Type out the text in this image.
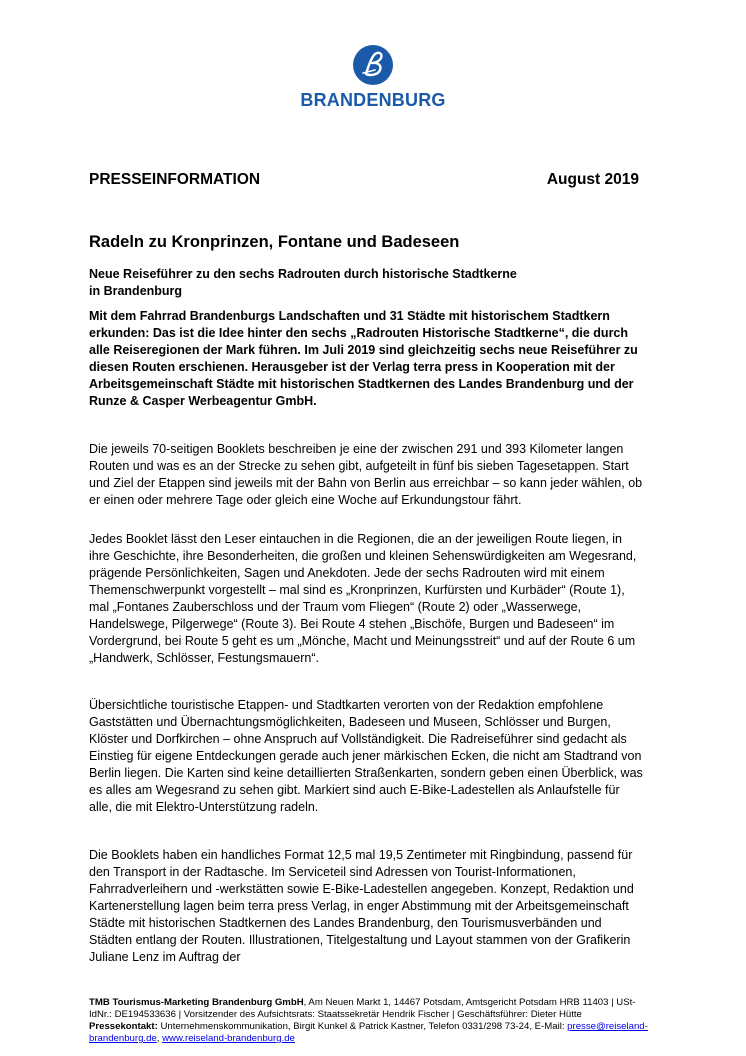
BRANDENBURG
PRESSEINFORMATION	August 2019
Radeln zu Kronprinzen, Fontane und Badeseen
Neue Reiseführer zu den sechs Radrouten durch historische Stadtkerne in Brandenburg
Mit dem Fahrrad Brandenburgs Landschaften und 31 Städte mit historischem Stadtkern erkunden: Das ist die Idee hinter den sechs „Radrouten Historische Stadtkerne“, die durch alle Reiseregionen der Mark führen. Im Juli 2019 sind gleichzeitig sechs neue Reiseführer zu diesen Routen erschienen. Herausgeber ist der Verlag terra press in Kooperation mit der Arbeitsgemeinschaft Städte mit historischen Stadtkernen des Landes Brandenburg und der Runze & Casper Werbeagentur GmbH.

Die jeweils 70-seitigen Booklets beschreiben je eine der zwischen 291 und 393 Kilometer langen Routen und was es an der Strecke zu sehen gibt, aufgeteilt in fünf bis sieben Tagesetappen. Start und Ziel der Etappen sind jeweils mit der Bahn von Berlin aus erreichbar – so kann jeder wählen, ob er einen oder mehrere Tage oder gleich eine Woche auf Erkundungstour fährt.

Jedes Booklet lässt den Leser eintauchen in die Regionen, die an der jeweiligen Route liegen, in ihre Geschichte, ihre Besonderheiten, die großen und kleinen Sehenswürdigkeiten am Wegesrand, prägende Persönlichkeiten, Sagen und Anekdoten. Jede der sechs Radrouten wird mit einem Themenschwerpunkt vorgestellt – mal sind es „Kronprinzen, Kurfürsten und Kurbäder“ (Route 1), mal „Fontanes Zauberschloss und der Traum vom Fliegen“ (Route 2) oder „Wasserwege, Handelswege, Pilgerwege“ (Route 3). Bei Route 4 stehen „Bischöfe, Burgen und Badeseen“ im Vordergrund, bei Route 5 geht es um „Mönche, Macht und Meinungsstreit“ und auf der Route 6 um „Handwerk, Schlösser, Festungsmauern“.

Übersichtliche touristische Etappen- und Stadtkarten verorten von der Redaktion empfohlene Gaststätten und Übernachtungsmöglichkeiten, Badeseen und Museen, Schlösser und Burgen, Klöster und Dorfkirchen – ohne Anspruch auf Vollständigkeit. Die Radreiseführer sind gedacht als Einstieg für eigene Entdeckungen gerade auch jener märkischen Ecken, die nicht am Stadtrand von Berlin liegen. Die Karten sind keine detaillierten Straßenkarten, sondern geben einen Überblick, was es alles am Wegesrand zu sehen gibt. Markiert sind auch E-Bike-Ladestellen als Anlaufstelle für alle, die mit Elektro-Unterstützung radeln.

Die Booklets haben ein handliches Format 12,5 mal 19,5 Zentimeter mit Ringbindung, passend für den Transport in der Radtasche. Im Serviceteil sind Adressen von Tourist-Informationen, Fahrradverleihern und -werkstätten sowie E-Bike-Ladestellen angegeben. Konzept, Redaktion und Kartenerstellung lagen beim terra press Verlag, in enger Abstimmung mit der Arbeitsgemeinschaft Städte mit historischen Stadtkernen des Landes Brandenburg, den Tourismusverbänden und Städten entlang der Routen. Illustrationen, Titelgestaltung und Layout stammen von der Grafikerin Juliane Lenz im Auftrag der

TMB Tourismus-Marketing Brandenburg GmbH, Am Neuen Markt 1, 14467 Potsdam, Amtsgericht Potsdam HRB 11403 | USt-IdNr.: DE194533636 | Vorsitzender des Aufsichtsrats: Staatssekretär Hendrik Fischer | Geschäftsführer: Dieter Hütte Pressekontakt: Unternehmenskommunikation, Birgit Kunkel & Patrick Kastner, Telefon 0331/298 73-24, E-Mail: presse@reiseland-brandenburg.de, www.reiseland-brandenburg.de
